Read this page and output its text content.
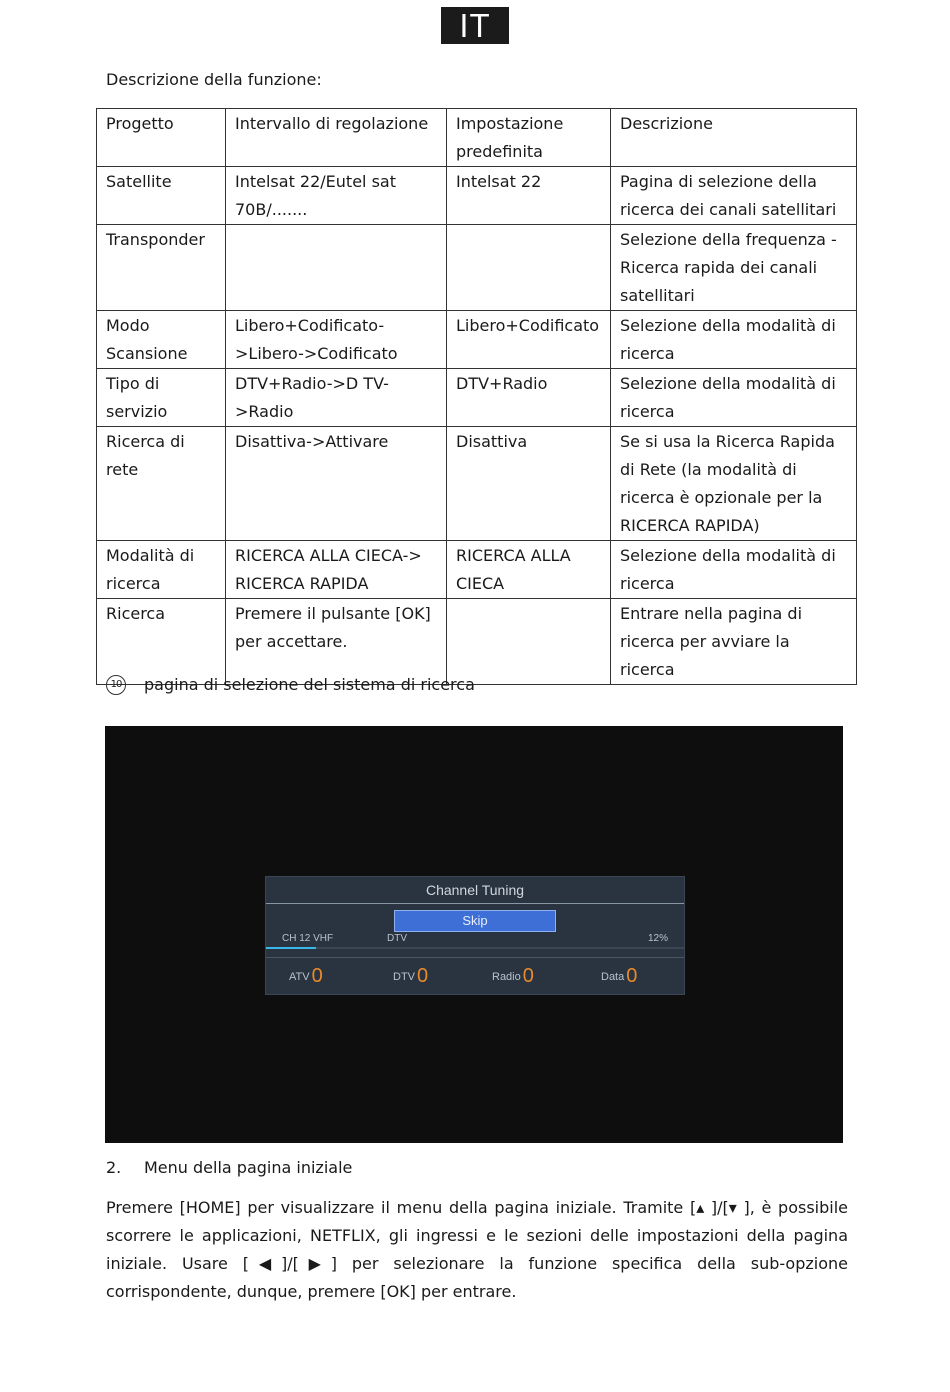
IT
Descrizione della funzione:
Progetto	Intervallo di regolazione	Impostazione predefinita	Descrizione
Satellite	Intelsat 22/Eutel sat 70B/.......	Intelsat 22	Pagina di selezione della ricerca dei canali satellitari
Transponder			Selezione della frequenza - Ricerca rapida dei canali satellitari
Modo Scansione	Libero+Codificato->Libero->Codificato	Libero+Codificato	Selezione della modalità di ricerca
Tipo di servizio	DTV+Radio->D TV->Radio	DTV+Radio	Selezione della modalità di ricerca
Ricerca di rete	Disattiva->Attivare	Disattiva	Se si usa la Ricerca Rapida di Rete (la modalità di ricerca è opzionale per la RICERCA RAPIDA)
Modalità di ricerca	RICERCA ALLA CIECA-> RICERCA RAPIDA	RICERCA ALLA CIECA	Selezione della modalità di ricerca
Ricerca	Premere il pulsante [OK] per accettare.		Entrare nella pagina di ricerca per avviare la ricerca
10 pagina di selezione del sistema di ricerca
Channel Tuning
Skip
CH 12 VHF	DTV	12%
ATV 0	DTV 0	Radio 0	Data 0
2. Menu della pagina iniziale
Premere [HOME] per visualizzare il menu della pagina iniziale. Tramite [▴ ]/[▾ ], è possibile scorrere le applicazioni, NETFLIX, gli ingressi e le sezioni delle impostazioni della pagina iniziale. Usare [◀]/[▶] per selezionare la funzione specifica della sub-opzione corrispondente, dunque, premere [OK] per entrare.
